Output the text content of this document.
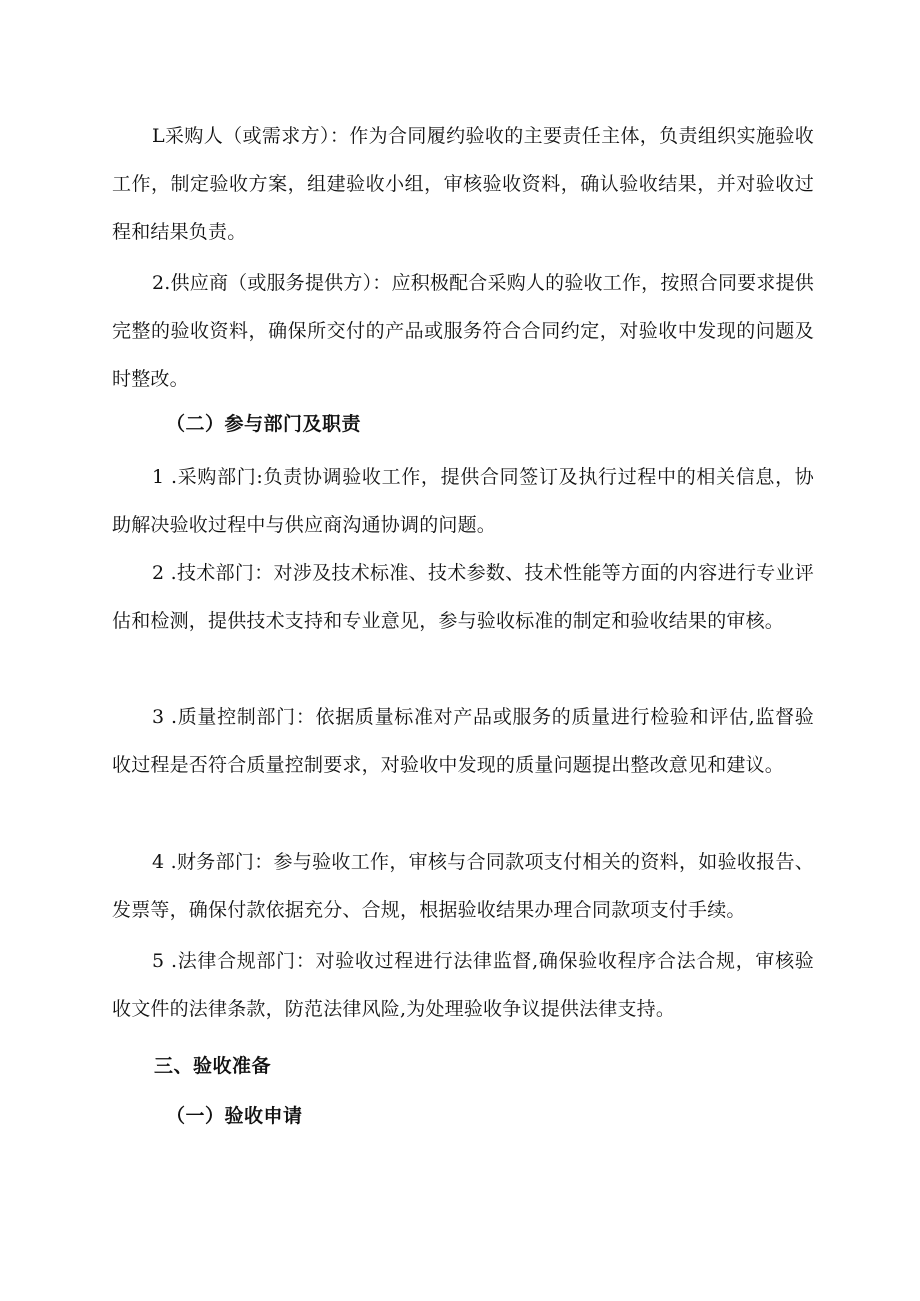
L采购人（或需求方）：作为合同履约验收的主要责任主体，负责组织实施验收工作，制定验收方案，组建验收小组，审核验收资料，确认验收结果，并对验收过程和结果负责。

2.供应商（或服务提供方）：应积极配合采购人的验收工作，按照合同要求提供完整的验收资料，确保所交付的产品或服务符合合同约定，对验收中发现的问题及时整改。

（二）参与部门及职责

1 .采购部门:负责协调验收工作，提供合同签订及执行过程中的相关信息，协助解决验收过程中与供应商沟通协调的问题。

2 .技术部门：对涉及技术标准、技术参数、技术性能等方面的内容进行专业评估和检测，提供技术支持和专业意见，参与验收标准的制定和验收结果的审核。

3 .质量控制部门：依据质量标准对产品或服务的质量进行检验和评估,监督验收过程是否符合质量控制要求，对验收中发现的质量问题提出整改意见和建议。

4 .财务部门：参与验收工作，审核与合同款项支付相关的资料，如验收报告、发票等，确保付款依据充分、合规，根据验收结果办理合同款项支付手续。

5 .法律合规部门：对验收过程进行法律监督,确保验收程序合法合规，审核验收文件的法律条款，防范法律风险,为处理验收争议提供法律支持。

三、验收准备
（一）验收申请
